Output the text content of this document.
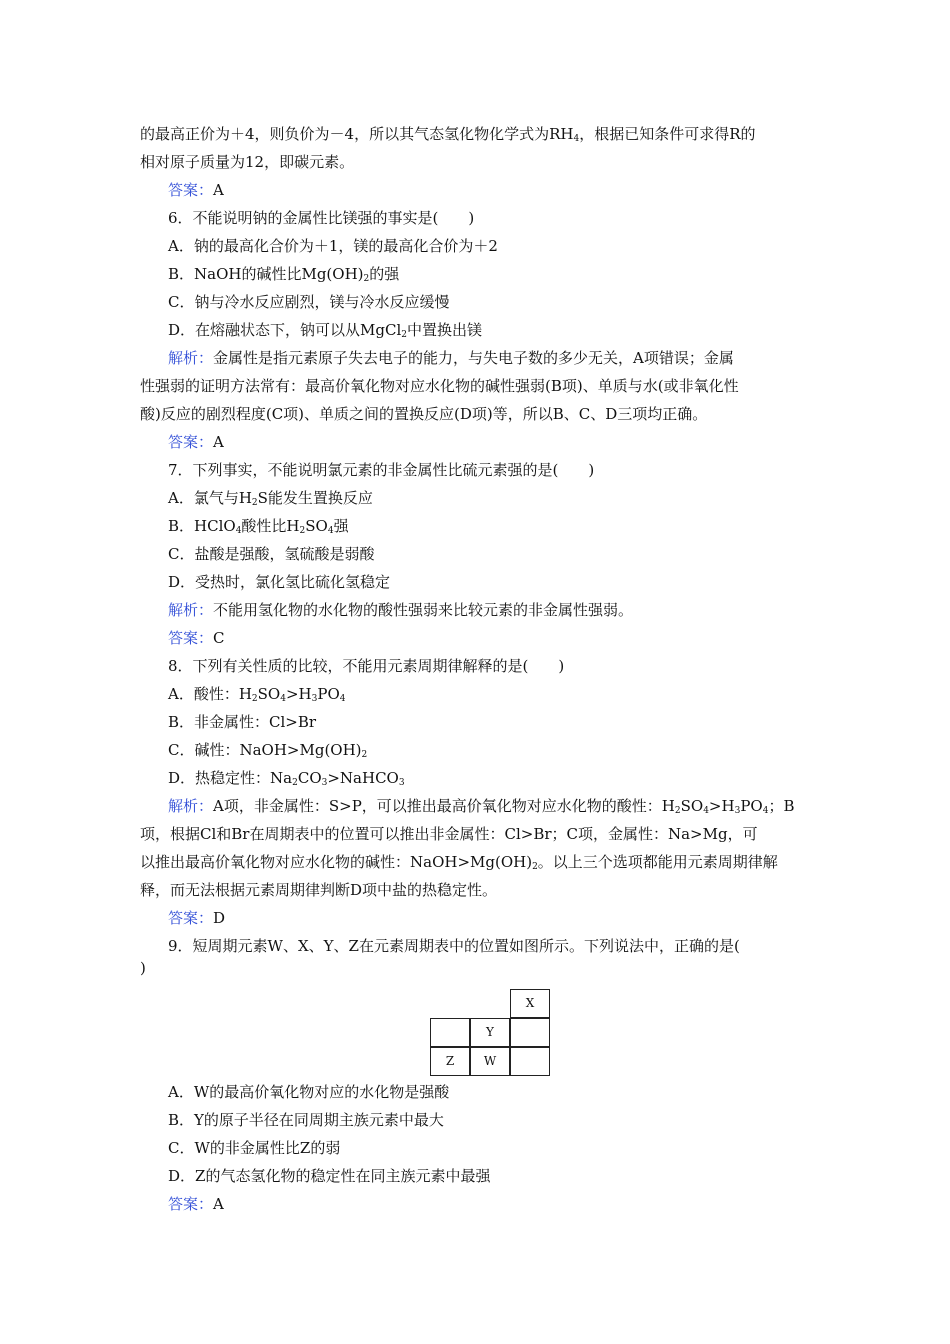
的最高正价为＋4，则负价为－4，所以其气态氢化物化学式为$RH_4$，根据已知条件可求得R的
相对原子质量为12，即碳元素。
答案：A
6．不能说明钠的金属性比镁强的事实是(　　)
A．钠的最高化合价为＋1，镁的最高化合价为＋2
B．NaOH的碱性比$Mg(OH)_2$的强
C．钠与冷水反应剧烈，镁与冷水反应缓慢
D．在熔融状态下，钠可以从MgCl$_2$中置换出镁
解析：金属性是指元素原子失去电子的能力，与失电子数的多少无关，A项错误；金属
性强弱的证明方法常有：最高价氧化物对应水化物的碱性强弱(B项)、单质与水(或非氧化性
酸)反应的剧烈程度(C项)、单质之间的置换反应(D项)等，所以B、C、D三项均正确。
答案：A
7．下列事实，不能说明氯元素的非金属性比硫元素强的是(　　)
A．氯气与$H_2S$能发生置换反应
B．HClO$_4$酸性比$H_2SO_4$强
C．盐酸是强酸，氢硫酸是弱酸
D．受热时，氯化氢比硫化氢稳定
解析：不能用氢化物的水化物的酸性强弱来比较元素的非金属性强弱。
答案：C
8．下列有关性质的比较，不能用元素周期律解释的是(　　)
A．酸性：$H_2SO_4>H_3PO_4$
B．非金属性：Cl>Br
C．碱性：$NaOH>Mg(OH)_2$
D．热稳定性：$Na_2CO_3>NaHCO_3$
解析：A项，非金属性：S>P，可以推出最高价氧化物对应水化物的酸性：$H_2SO_4>H_3PO_4$；B
项，根据Cl和Br在周期表中的位置可以推出非金属性：Cl>Br；C项，金属性：Na>Mg，可
以推出最高价氧化物对应水化物的碱性：$NaOH>Mg(OH)_2$。以上三个选项都能用元素周期律解
释，而无法根据元素周期律判断D项中盐的热稳定性。
答案：D
9．短周期元素W、X、Y、Z在元素周期表中的位置如图所示。下列说法中，正确的是(
)
X
Y
Z	W
A．W的最高价氧化物对应的水化物是强酸
B．Y的原子半径在同周期主族元素中最大
C．W的非金属性比Z的弱
D．Z的气态氢化物的稳定性在同主族元素中最强
答案：A
